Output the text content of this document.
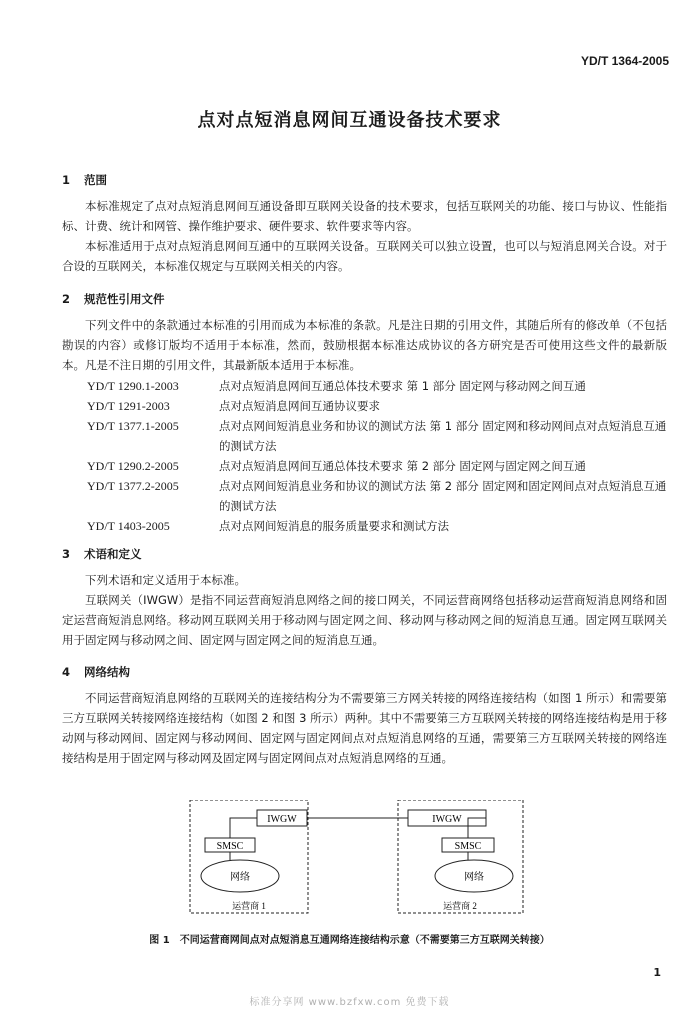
YD/T 1364-2005
点对点短消息网间互通设备技术要求
1 范围

本标准规定了点对点短消息网间互通设备即互联网关设备的技术要求，包括互联网关的功能、接口与协议、性能指标、计费、统计和网管、操作维护要求、硬件要求、软件要求等内容。

本标准适用于点对点短消息网间互通中的互联网关设备。互联网关可以独立设置，也可以与短消息网关合设。对于合设的互联网关，本标准仅规定与互联网关相关的内容。

2 规范性引用文件

下列文件中的条款通过本标准的引用而成为本标准的条款。凡是注日期的引用文件，其随后所有的修改单（不包括勘误的内容）或修订版均不适用于本标准，然而，鼓励根据本标准达成协议的各方研究是否可使用这些文件的最新版本。凡是不注日期的引用文件，其最新版本适用于本标准。

YD/T 1290.1-2003	点对点短消息网间互通总体技术要求 第 1 部分 固定网与移动网之间互通
YD/T 1291-2003	点对点短消息网间互通协议要求
YD/T 1377.1-2005	点对点网间短消息业务和协议的测试方法 第 1 部分 固定网和移动网间点对点短消息互通的测试方法
YD/T 1290.2-2005	点对点短消息网间互通总体技术要求 第 2 部分 固定网与固定网之间互通
YD/T 1377.2-2005	点对点网间短消息业务和协议的测试方法 第 2 部分 固定网和固定网间点对点短消息互通的测试方法
YD/T 1403-2005	点对点网间短消息的服务质量要求和测试方法
3 术语和定义

下列术语和定义适用于本标准。

互联网关（IWGW）是指不同运营商短消息网络之间的接口网关，不同运营商网络包括移动运营商短消息网络和固定运营商短消息网络。移动网互联网关用于移动网与固定网之间、移动网与移动网之间的短消息互通。固定网互联网关用于固定网与移动网之间、固定网与固定网之间的短消息互通。

4 网络结构

不同运营商短消息网络的互联网关的连接结构分为不需要第三方网关转接的网络连接结构（如图 1 所示）和需要第三方互联网关转接网络连接结构（如图 2 和图 3 所示）两种。其中不需要第三方互联网关转接的网络连接结构是用于移动网与移动网间、固定网与移动网间、固定网与固定网间点对点短消息网络的互通，需要第三方互联网关转接的网络连接结构是用于固定网与移动网及固定网与固定网间点对点短消息网络的互通。

IWGW
SMSC
网络
运营商 1
IWGW
SMSC
网络
运营商 2
图 1　不同运营商网间点对点短消息互通网络连接结构示意（不需要第三方互联网关转接）
1
标准分享网 www.bzfxw.com 免费下载
